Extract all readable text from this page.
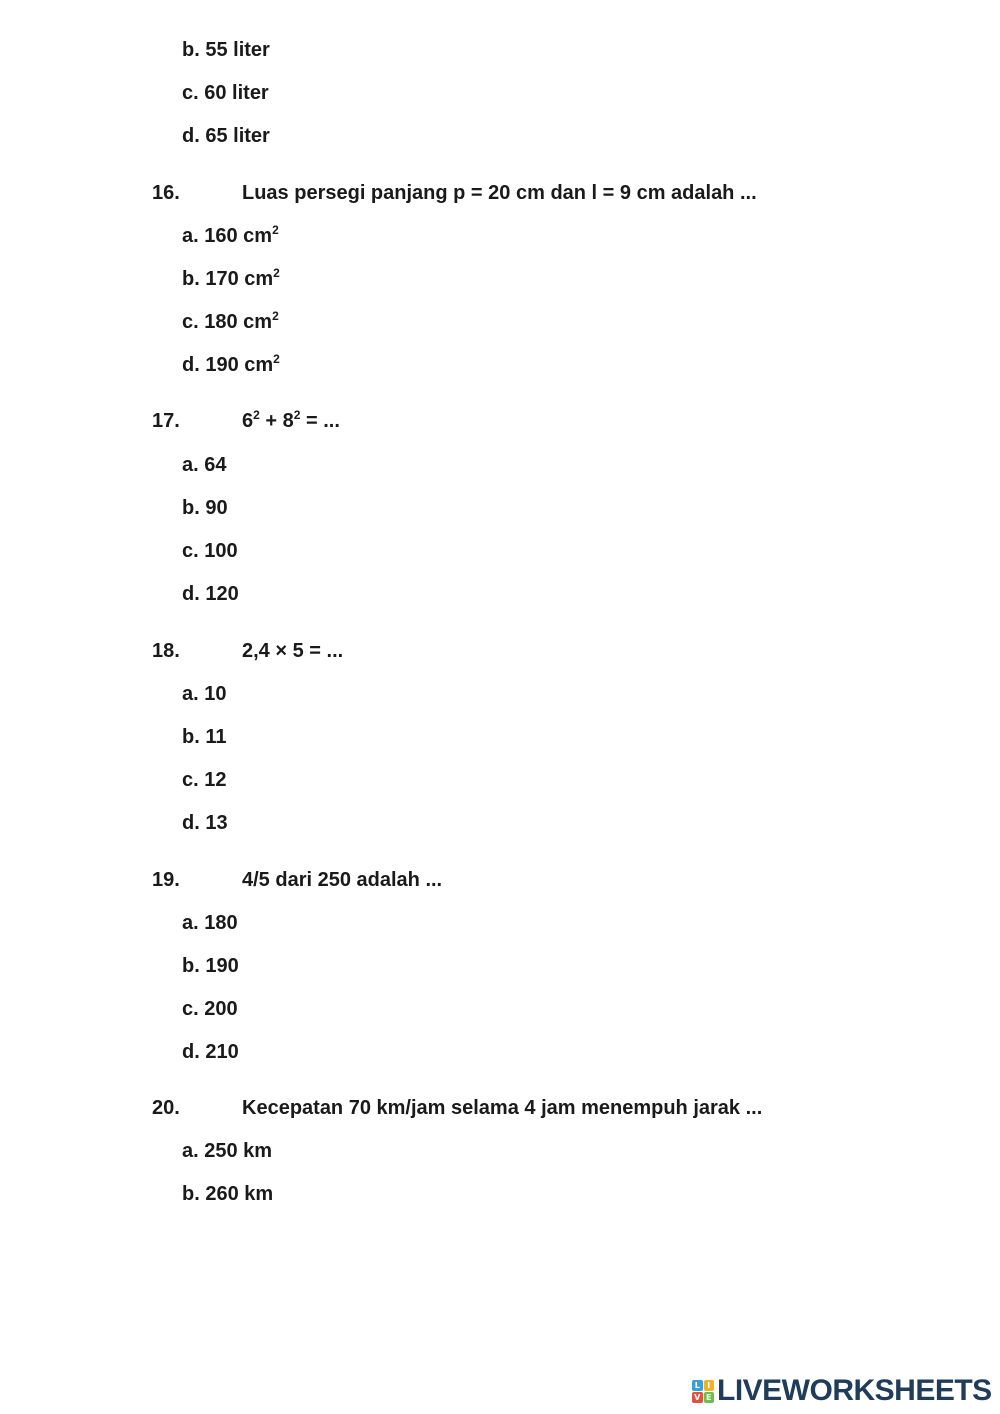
b. 55 liter
c. 60 liter
d. 65 liter
16.	Luas persegi panjang p = 20 cm dan l = 9 cm adalah ...
a. 160 $cm^2$
b. 170 $cm^2$
c. 180 $cm^2$
d. 190 $cm^2$
17.	$6^2 + 8^2$ = ...
a. 64
b. 90
c. 100
d. 120
18.	2,4 × 5 = ...
a. 10
b. 11
c. 12
d. 13
19.	4/5 dari 250 adalah ...
a. 180
b. 190
c. 200
d. 210
20.	Kecepatan 70 km/jam selama 4 jam menempuh jarak ...
a. 250 km
b. 260 km
L I
V E LIVEWORKSHEETS
